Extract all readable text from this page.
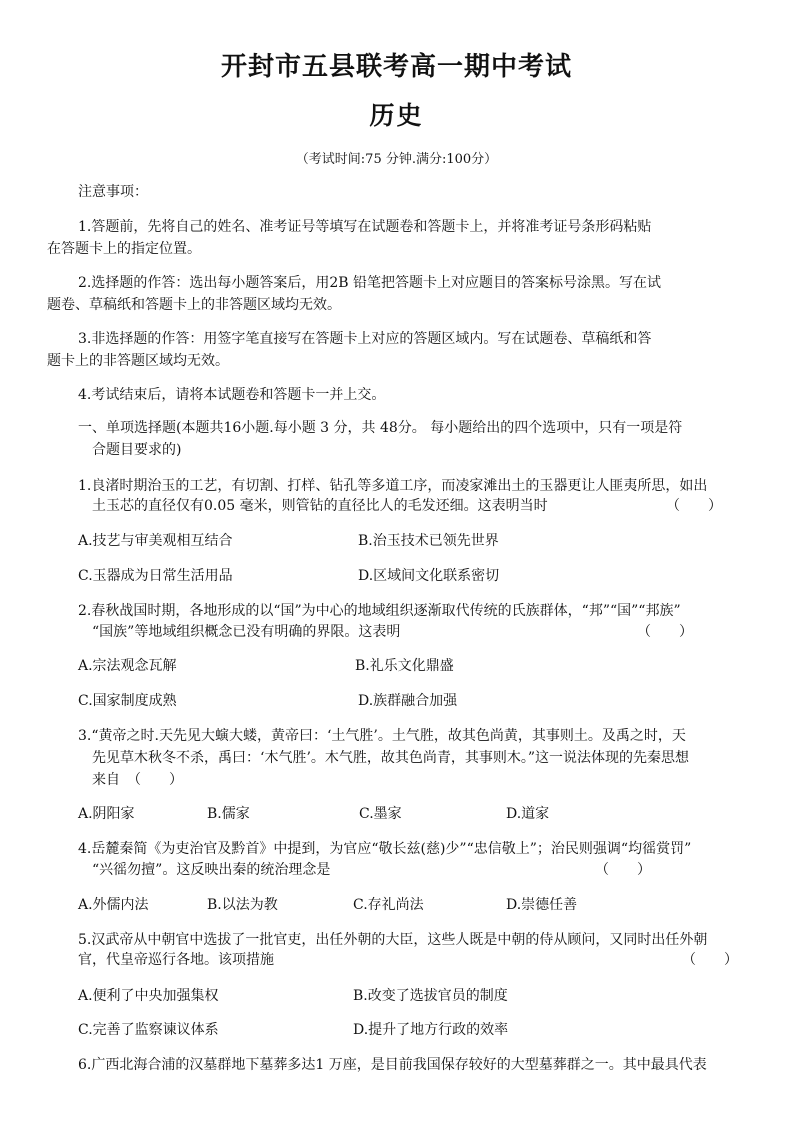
开封市五县联考高一期中考试
历史
（考试时间:75 分钟.满分:100分）
注意事项：
1.答题前，先将自己的姓名、准考证号等填写在试题卷和答题卡上，并将准考证号条形码粘贴
在答题卡上的指定位置。
2.选择题的作答：选出每小题答案后，用2B 铅笔把答题卡上对应题目的答案标号涂黑。写在试
题卷、草稿纸和答题卡上的非答题区域均无效。
3.非选择题的作答：用签字笔直接写在答题卡上对应的答题区域内。写在试题卷、草稿纸和答
题卡上的非答题区域均无效。
4.考试结束后，请将本试题卷和答题卡一并上交。
一、单项选择题(本题共16小题.每小题 3 分，共 48分。 每小题给出的四个选项中，只有一项是符
合题目要求的)
1.良渚时期治玉的工艺，有切割、打样、钻孔等多道工序，而凌家滩出土的玉器更让人匪夷所思，如出
土玉芯的直径仅有0.05 毫米，则管钻的直径比人的毛发还细。这表明当时	（　　）
A.技艺与审美观相互结合	B.治玉技术已领先世界
C.玉器成为日常生活用品	D.区域间文化联系密切
2.春秋战国时期，各地形成的以“国”为中心的地域组织逐渐取代传统的氏族群体，“邦”“国”“邦族”
“国族”等地域组织概念已没有明确的界限。这表明	（　　）
A.宗法观念瓦解	B.礼乐文化鼎盛
C.国家制度成熟	D.族群融合加强
3.“黄帝之时.天先见大螾大蝼，黄帝曰：‘土气胜’。土气胜，故其色尚黄，其事则土。及禹之时，天
先见草木秋冬不杀，禹曰：‘木气胜’。木气胜，故其色尚青，其事则木。”这一说法体现的先秦思想
来自　（　　）
A.阴阳家	B.儒家	C.墨家	D.道家
4.岳麓秦简《为吏治官及黔首》中提到，为官应“敬长兹(慈)少”“忠信敬上”；治民则强调“均徭赏罚”
“兴徭勿擅”。这反映出秦的统治理念是	（　　）
A.外儒内法	B.以法为教	C.存礼尚法	D.崇德任善
5.汉武帝从中朝官中选拔了一批官吏，出任外朝的大臣，这些人既是中朝的侍从顾问，又同时出任外朝
官，代皇帝巡行各地。该项措施	（　　）
A.便利了中央加强集权	B.改变了选拔官员的制度
C.完善了监察谏议体系	D.提升了地方行政的效率
6.广西北海合浦的汉墓群地下墓葬多达1 万座，是目前我国保存较好的大型墓葬群之一。其中最具代表
